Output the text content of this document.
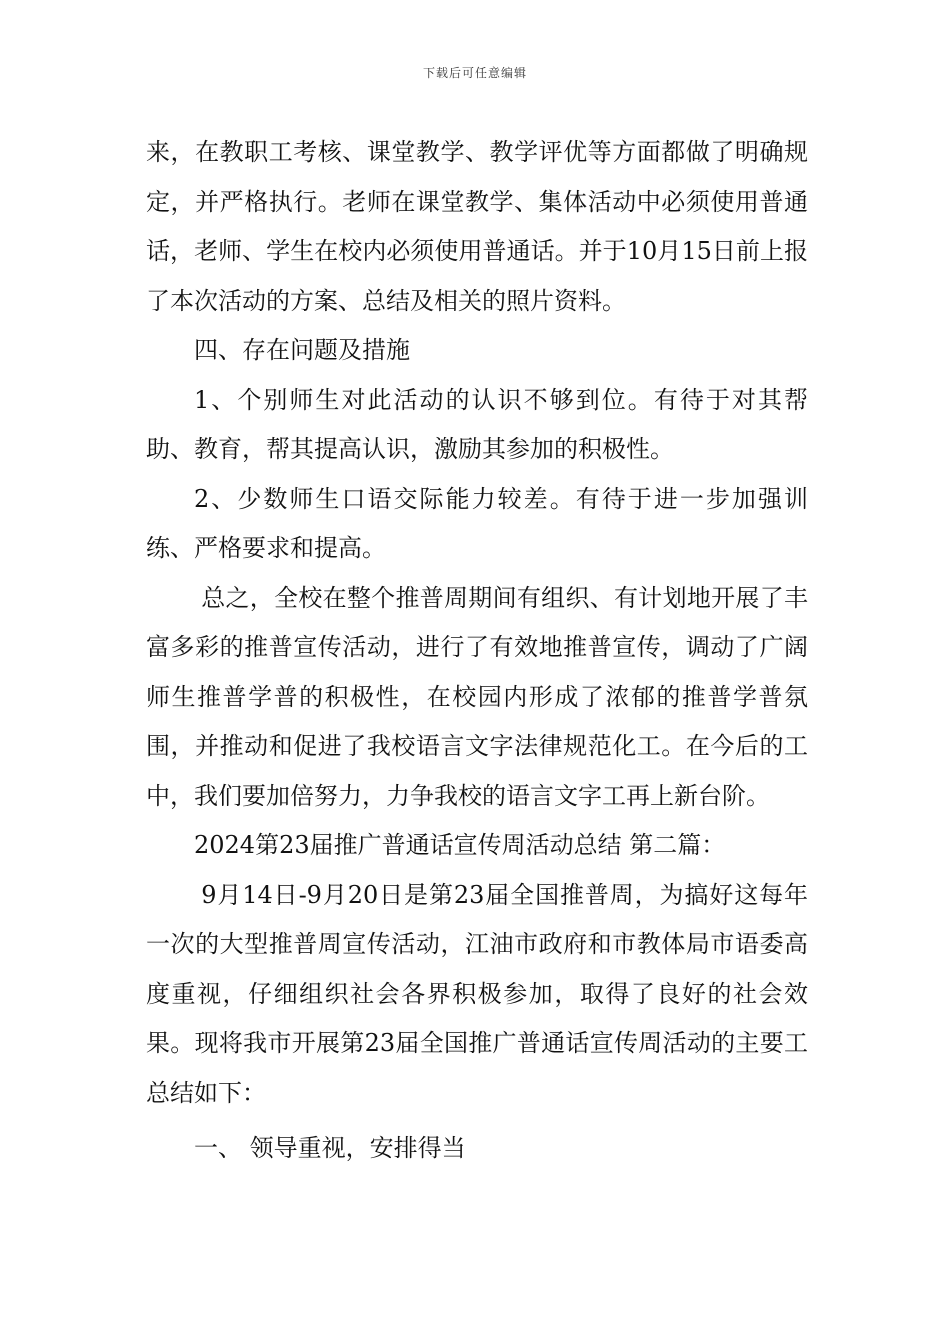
下载后可任意编辑

来，在教职工考核、课堂教学、教学评优等方面都做了明确规定，并严格执行。老师在课堂教学、集体活动中必须使用普通话，老师、学生在校内必须使用普通话。并于10月15日前上报了本次活动的方案、总结及相关的照片资料。

四、存在问题及措施

1、个别师生对此活动的认识不够到位。有待于对其帮助、教育，帮其提高认识，激励其参加的积极性。

2、少数师生口语交际能力较差。有待于进一步加强训练、严格要求和提高。

总之，全校在整个推普周期间有组织、有计划地开展了丰富多彩的推普宣传活动，进行了有效地推普宣传，调动了广阔师生推普学普的积极性，在校园内形成了浓郁的推普学普氛围，并推动和促进了我校语言文字法律规范化工。在今后的工中，我们要加倍努力，力争我校的语言文字工再上新台阶。

2024第23届推广普通话宣传周活动总结 第二篇：

9月14日-9月20日是第23届全国推普周，为搞好这每年一次的大型推普周宣传活动，江油市政府和市教体局市语委高度重视，仔细组织社会各界积极参加，取得了良好的社会效果。现将我市开展第23届全国推广普通话宣传周活动的主要工总结如下：

一、 领导重视，安排得当
